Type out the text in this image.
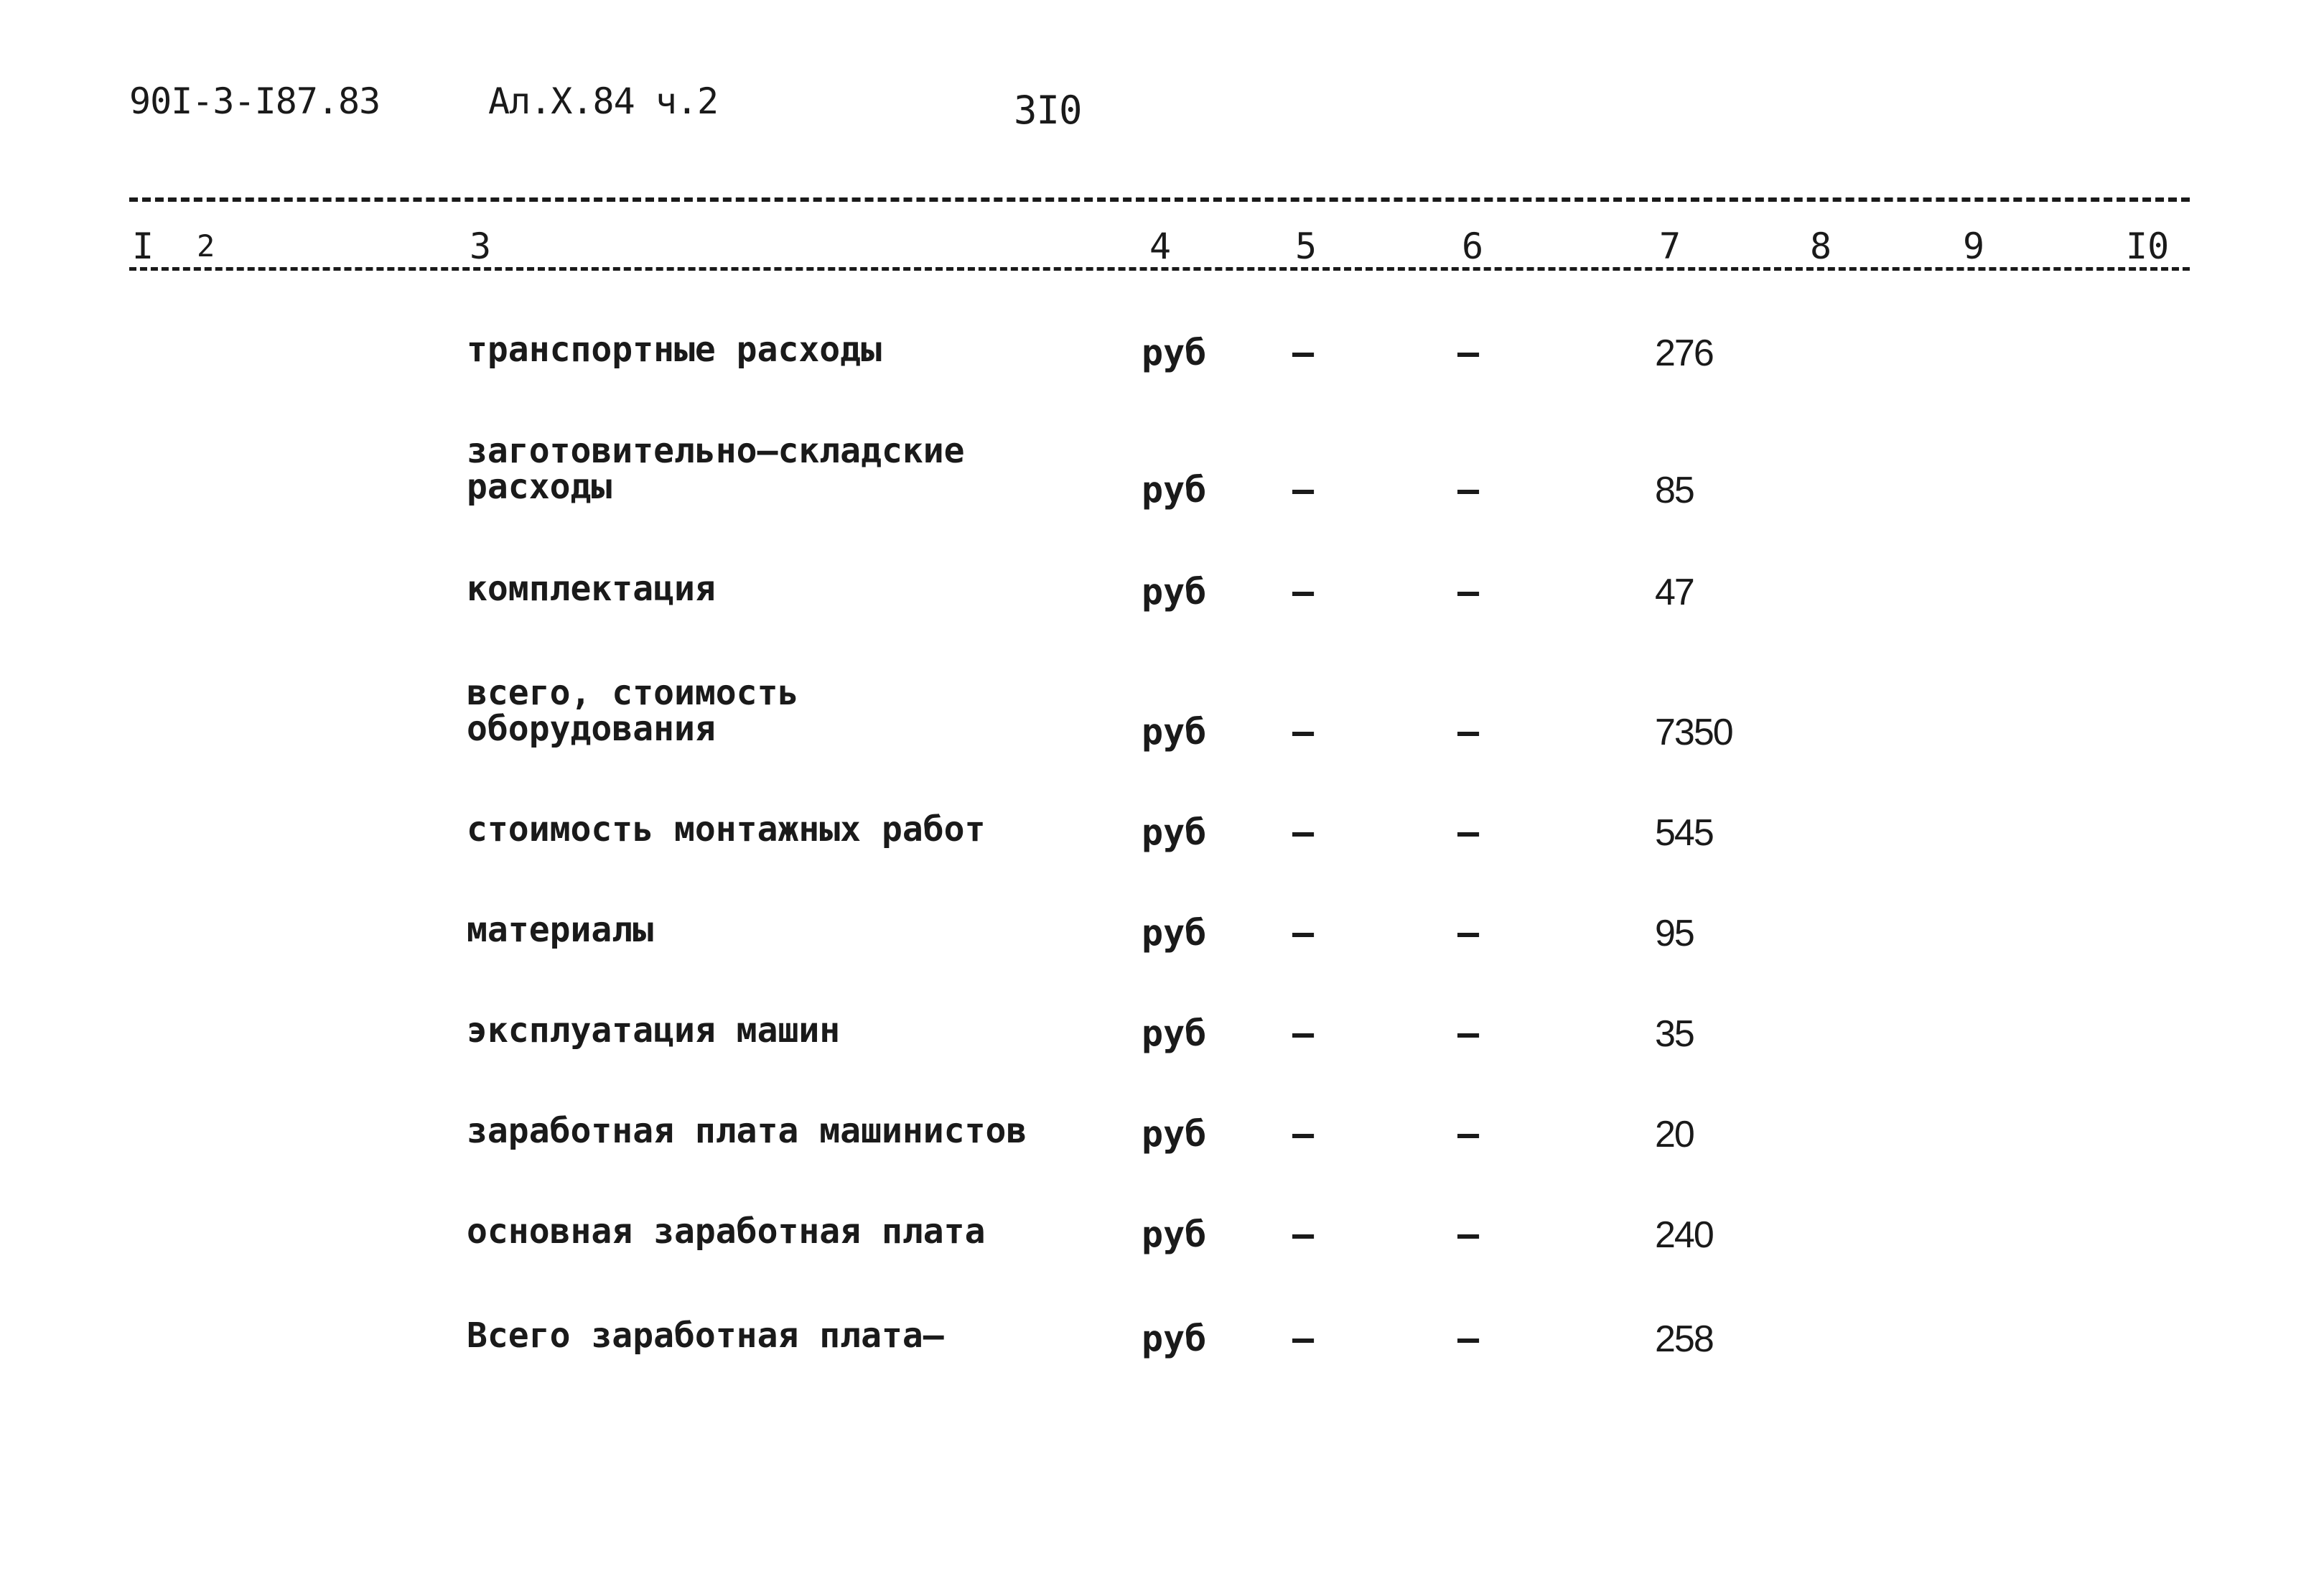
90I-3-I87.83	Ал.X.84 ч.2	3I0
I 2	3	4	5	6	7	8	9	I0
транспортные расходы	руб –	–	276
заготовительно–складские
расходы	руб –	–	85
комплектация	руб –	–	47
всего, стоимость
оборудования	руб –	–	7350
стоимость монтажных работ	руб –	–	545
материалы	руб –	–	95
эксплуатация машин	руб –	–	35
заработная плата машинистов	руб –	–	20
основная заработная плата	руб –	–	240
Всего заработная плата–	руб –	–	258
